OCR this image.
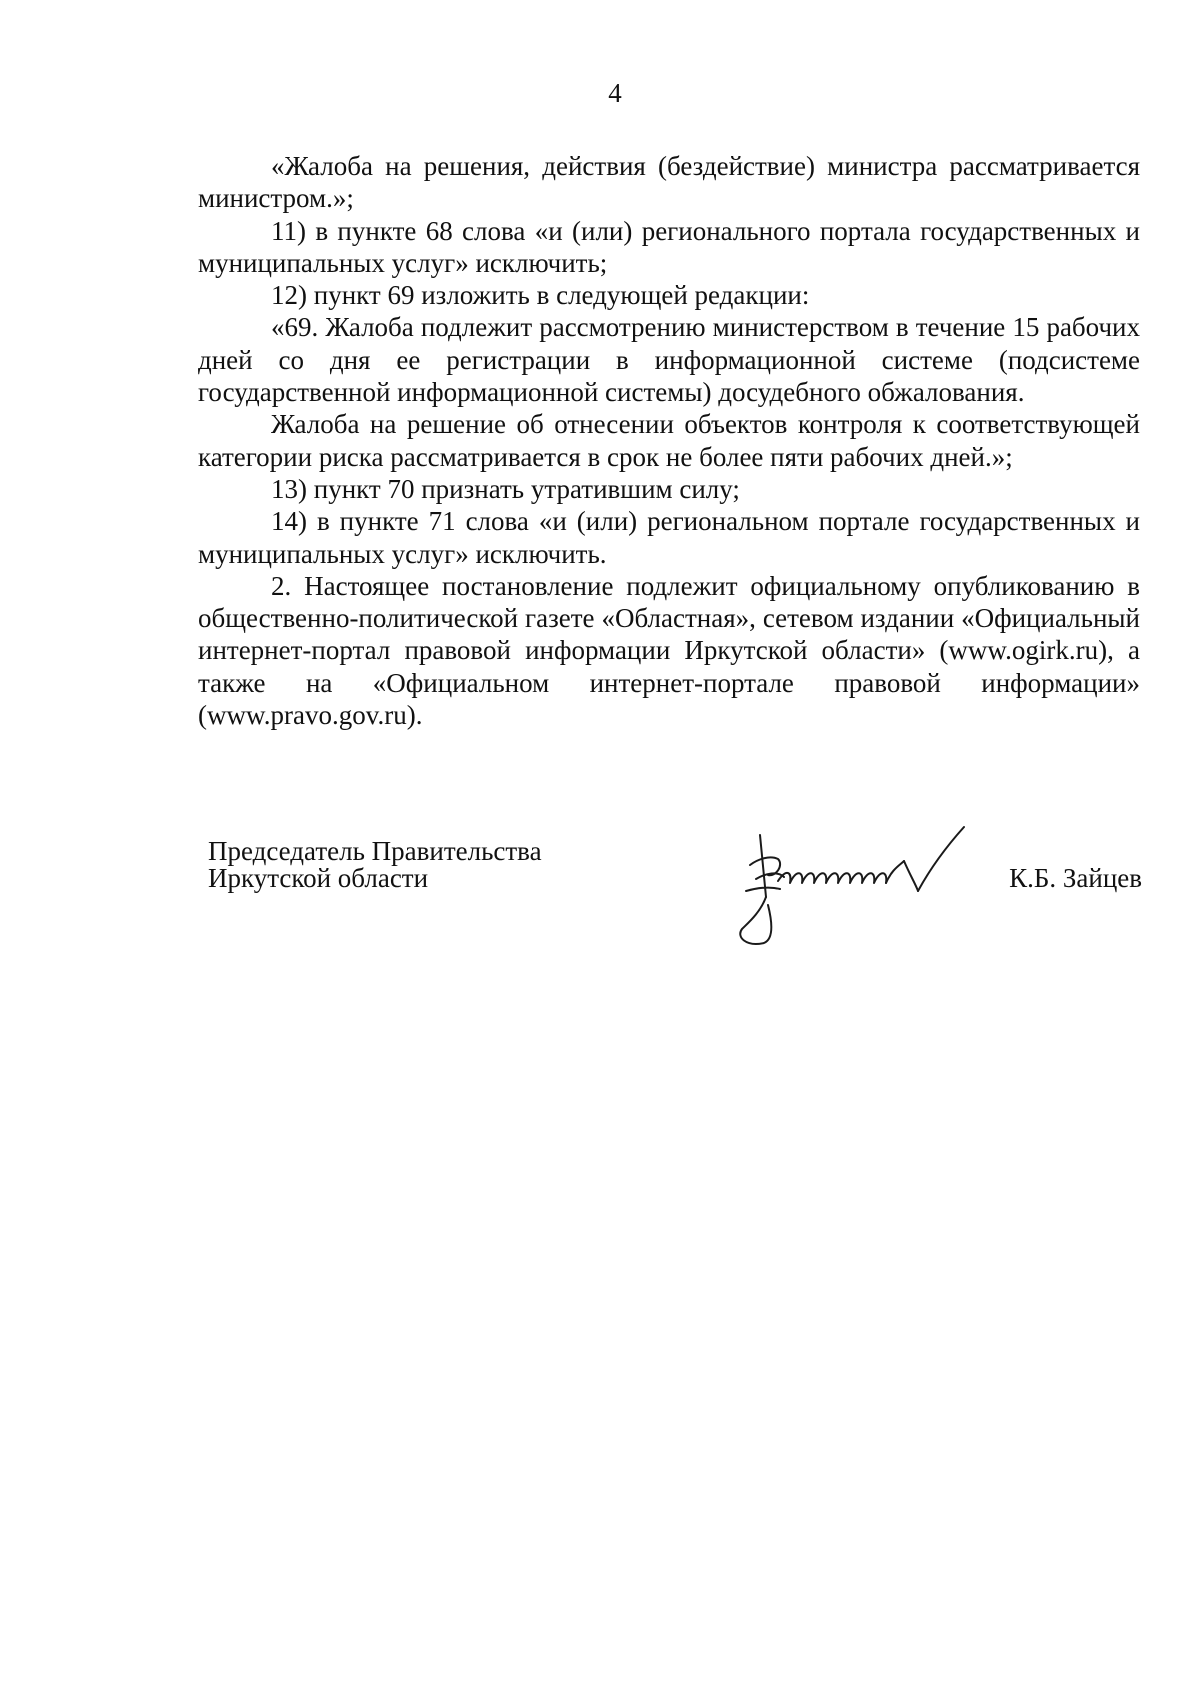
4

«Жалоба на решения, действия (бездействие) министра рассматривается министром.»;

11) в пункте 68 слова «и (или) регионального портала государственных и муниципальных услуг» исключить;

12) пункт 69 изложить в следующей редакции:

«69. Жалоба подлежит рассмотрению министерством в течение 15 рабочих дней со дня ее регистрации в информационной системе (подсистеме государственной информационной системы) досудебного обжалования.

Жалоба на решение об отнесении объектов контроля к соответствующей категории риска рассматривается в срок не более пяти рабочих дней.»;

13) пункт 70 признать утратившим силу;

14) в пункте 71 слова «и (или) региональном портале государственных и муниципальных услуг» исключить.

2. Настоящее постановление подлежит официальному опубликованию в общественно-политической газете «Областная», сетевом издании «Официальный интернет-портал правовой информации Иркутской области» (www.ogirk.ru), а также на «Официальном интернет-портале правовой информации» (www.pravo.gov.ru).

Председатель Правительства
Иркутской области	К.Б. Зайцев
